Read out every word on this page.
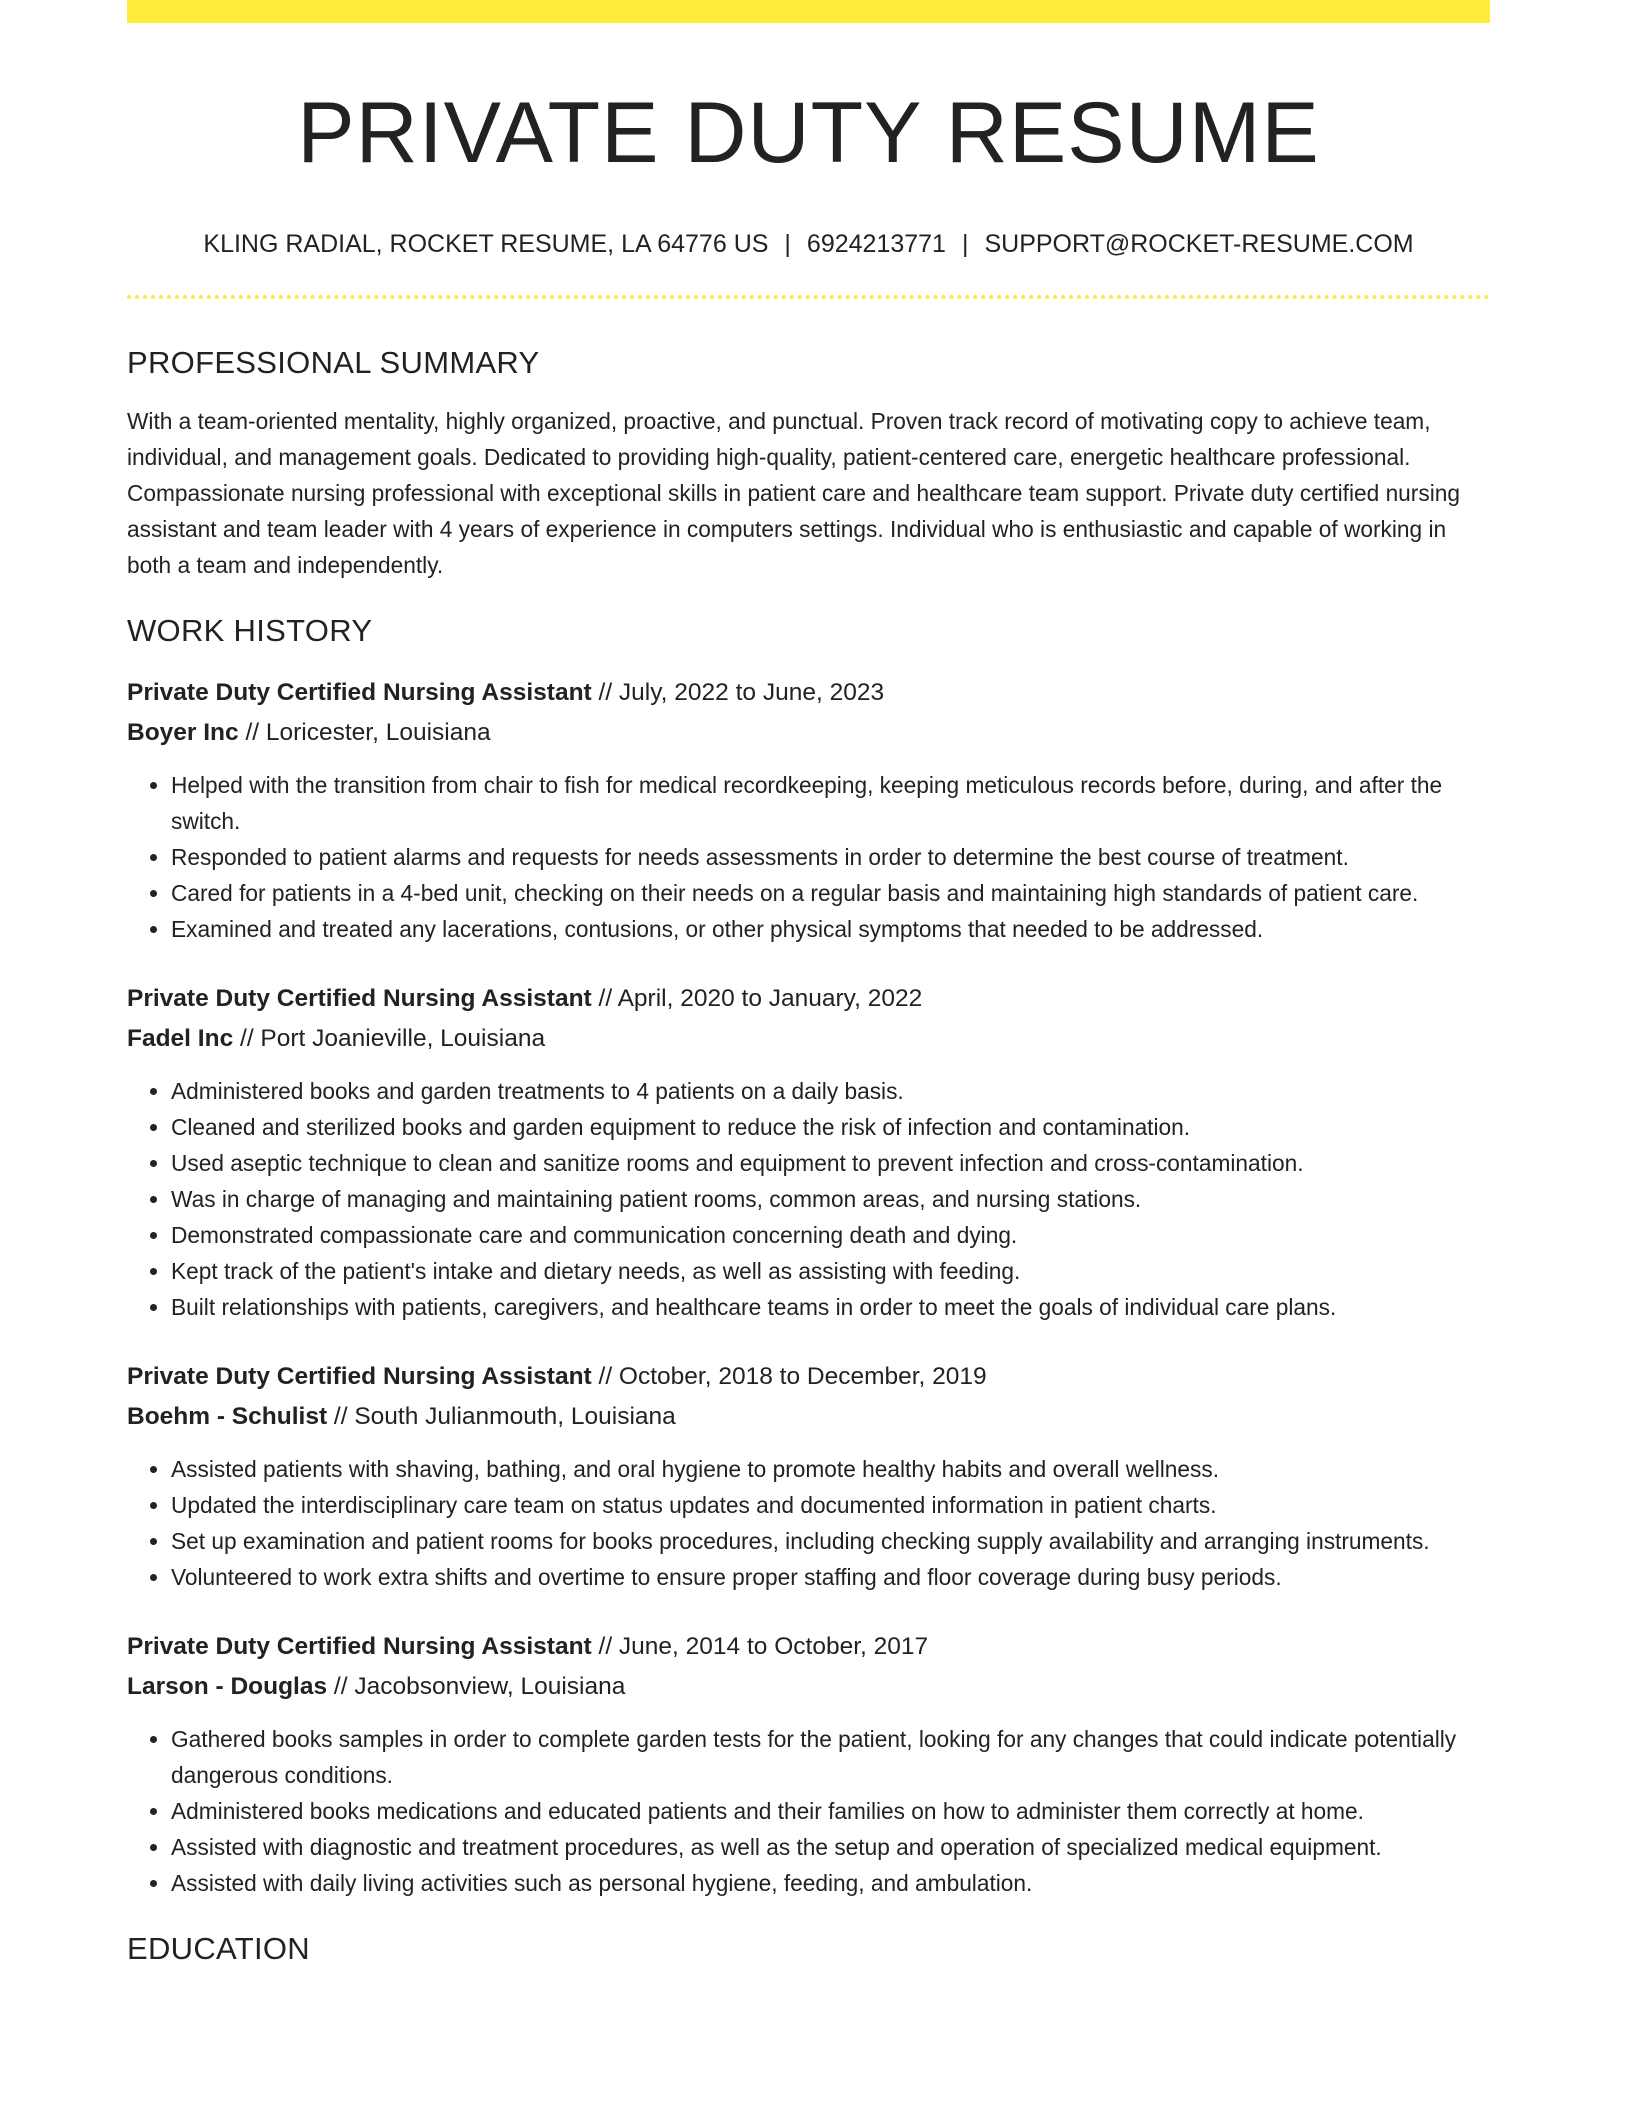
PRIVATE DUTY RESUME
KLING RADIAL, ROCKET RESUME, LA 64776 US | 6924213771 | SUPPORT@ROCKET-RESUME.COM
PROFESSIONAL SUMMARY

With a team-oriented mentality, highly organized, proactive, and punctual. Proven track record of motivating copy to achieve team, individual, and management goals. Dedicated to providing high-quality, patient-centered care, energetic healthcare professional. Compassionate nursing professional with exceptional skills in patient care and healthcare team support. Private duty certified nursing assistant and team leader with 4 years of experience in computers settings. Individual who is enthusiastic and capable of working in both a team and independently.

WORK HISTORY
Private Duty Certified Nursing Assistant // July, 2022 to June, 2023
Boyer Inc // Loricester, Louisiana
• Helped with the transition from chair to fish for medical recordkeeping, keeping meticulous records before, during, and after the switch.
• Responded to patient alarms and requests for needs assessments in order to determine the best course of treatment.
• Cared for patients in a 4-bed unit, checking on their needs on a regular basis and maintaining high standards of patient care.
• Examined and treated any lacerations, contusions, or other physical symptoms that needed to be addressed.
Private Duty Certified Nursing Assistant // April, 2020 to January, 2022
Fadel Inc // Port Joanieville, Louisiana
• Administered books and garden treatments to 4 patients on a daily basis.
• Cleaned and sterilized books and garden equipment to reduce the risk of infection and contamination.
• Used aseptic technique to clean and sanitize rooms and equipment to prevent infection and cross-contamination.
• Was in charge of managing and maintaining patient rooms, common areas, and nursing stations.
• Demonstrated compassionate care and communication concerning death and dying.
• Kept track of the patient's intake and dietary needs, as well as assisting with feeding.
• Built relationships with patients, caregivers, and healthcare teams in order to meet the goals of individual care plans.
Private Duty Certified Nursing Assistant // October, 2018 to December, 2019
Boehm - Schulist // South Julianmouth, Louisiana
• Assisted patients with shaving, bathing, and oral hygiene to promote healthy habits and overall wellness.
• Updated the interdisciplinary care team on status updates and documented information in patient charts.
• Set up examination and patient rooms for books procedures, including checking supply availability and arranging instruments.
• Volunteered to work extra shifts and overtime to ensure proper staffing and floor coverage during busy periods.
Private Duty Certified Nursing Assistant // June, 2014 to October, 2017
Larson - Douglas // Jacobsonview, Louisiana
• Gathered books samples in order to complete garden tests for the patient, looking for any changes that could indicate potentially dangerous conditions.
• Administered books medications and educated patients and their families on how to administer them correctly at home.
• Assisted with diagnostic and treatment procedures, as well as the setup and operation of specialized medical equipment.
• Assisted with daily living activities such as personal hygiene, feeding, and ambulation.
EDUCATION
